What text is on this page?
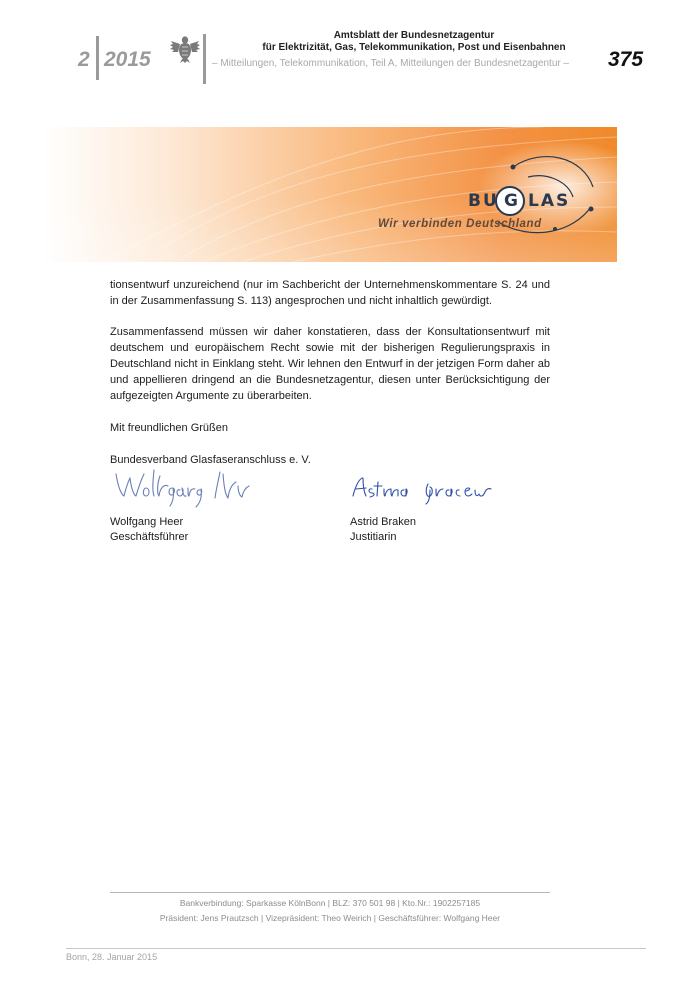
2 2015
Amtsblatt der Bundesnetzagentur
für Elektrizität, Gas, Telekommunikation, Post und Eisenbahnen
– Mitteilungen, Telekommunikation, Teil A, Mitteilungen der Bundesnetzagentur – 375
BU G LAS
Wir verbinden Deutschland

tionsentwurf unzureichend (nur im Sachbericht der Unternehmenskommentare S. 24 und in der Zusammenfassung S. 113) angesprochen und nicht inhaltlich gewürdigt.

Zusammenfassend müssen wir daher konstatieren, dass der Konsultationsentwurf mit deutschem und europäischem Recht sowie mit der bisherigen Regulierungspraxis in Deutschland nicht in Einklang steht. Wir lehnen den Entwurf in der jetzigen Form daher ab und appellieren dringend an die Bundesnetzagentur, diesen unter Berücksichtigung der aufgezeigten Argumente zu überarbeiten.

Mit freundlichen Grüßen

Bundesverband Glasfaseranschluss e. V.

Wolfgang Heer
Geschäftsführer
Astrid Braken
Justitiarin
Bankverbindung: Sparkasse KölnBonn | BLZ: 370 501 98 | Kto.Nr.: 1902257185
Präsident: Jens Prautzsch | Vizepräsident: Theo Weirich | Geschäftsführer: Wolfgang Heer
Bonn, 28. Januar 2015
